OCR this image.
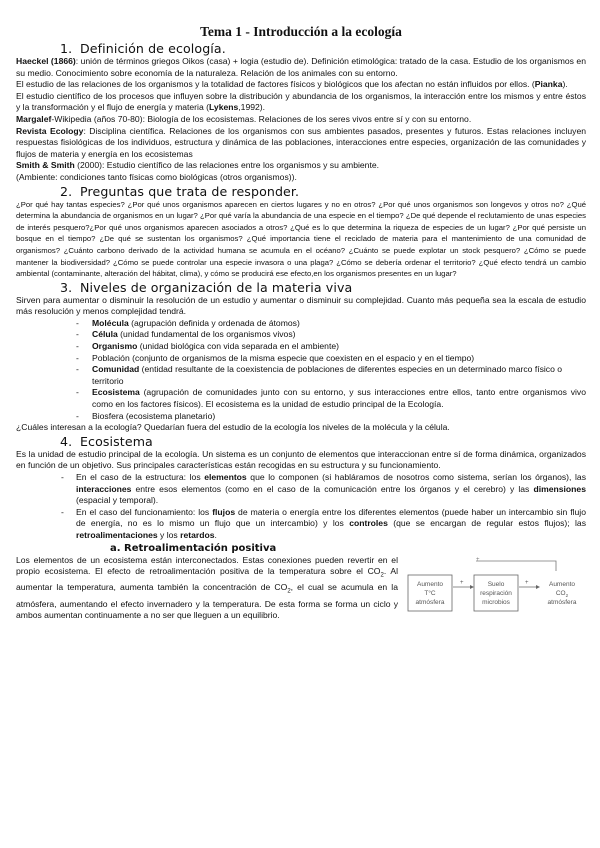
Tema 1 - Introducción a la ecología
1. Definición de ecología.

Haeckel (1866): unión de términos griegos Oikos (casa) + logia (estudio de). Definición etimológica: tratado de la casa. Estudio de los organismos en su medio. Conocimiento sobre economía de la naturaleza. Relación de los animales con su entorno.

El estudio de las relaciones de los organismos y la totalidad de factores físicos y biológicos que los afectan no están influidos por ellos. (Pianka).

El estudio científico de los procesos que influyen sobre la distribución y abundancia de los organismos, la interacción entre los mismos y entre éstos y la transformación y el flujo de energía y materia (Lykens,1992).

Margalef-Wikipedia (años 70-80): Biología de los ecosistemas. Relaciones de los seres vivos entre sí y con su entorno.

Revista Ecology: Disciplina científica. Relaciones de los organismos con sus ambientes pasados, presentes y futuros. Estas relaciones incluyen respuestas fisiológicas de los individuos, estructura y dinámica de las poblaciones, interacciones entre especies, organización de las comunidades y flujos de materia y energía en los ecosistemas

Smith & Smith (2000): Estudio científico de las relaciones entre los organismos y su ambiente.

(Ambiente: condiciones tanto físicas como biológicas (otros organismos)).

2. Preguntas que trata de responder.

¿Por qué hay tantas especies? ¿Por qué unos organismos aparecen en ciertos lugares y no en otros? ¿Por qué unos organismos son longevos y otros no? ¿Qué determina la abundancia de organismos en un lugar? ¿Por qué varía la abundancia de una especie en el tiempo? ¿De qué depende el reclutamiento de unas especies de interés pesquero?¿Por qué unos organismos aparecen asociados a otros? ¿Qué es lo que determina la riqueza de especies de un lugar? ¿Por qué persiste un bosque en el tiempo? ¿De qué se sustentan los organismos? ¿Qué importancia tiene el reciclado de materia para el mantenimiento de una comunidad de organismos? ¿Cuánto carbono derivado de la actividad humana se acumula en el océano? ¿Cuánto se puede explotar un stock pesquero? ¿Cómo se puede mantener la biodiversidad? ¿Cómo se puede controlar una especie invasora o una plaga? ¿Cómo se debería ordenar el territorio? ¿Qué efecto tendrá un cambio ambiental (contaminante, alteración del hábitat, clima), y cómo se producirá ese efecto,en los organismos presentes en un lugar?

3. Niveles de organización de la materia viva

Sirven para aumentar o disminuir la resolución de un estudio y aumentar o disminuir su complejidad. Cuanto más pequeña sea la escala de estudio más resolución y menos complejidad tendrá.

- Molécula (agrupación definida y ordenada de átomos)
- Célula (unidad fundamental de los organismos vivos)
- Organismo (unidad biológica con vida separada en el ambiente)
- Población (conjunto de organismos de la misma especie que coexisten en el espacio y en el tiempo)
- Comunidad (entidad resultante de la coexistencia de poblaciones de diferentes especies en un determinado marco físico o territorio
- Ecosistema (agrupación de comunidades junto con su entorno, y sus interacciones entre ellos, tanto entre organismos vivo como en los factores físicos). El ecosistema es la unidad de estudio principal de la Ecología.
- Biosfera (ecosistema planetario)

¿Cuáles interesan a la ecología? Quedarían fuera del estudio de la ecología los niveles de la molécula y la célula.

4. Ecosistema

Es la unidad de estudio principal de la ecología. Un sistema es un conjunto de elementos que interaccionan entre sí de forma dinámica, organizados en función de un objetivo. Sus principales características están recogidas en su estructura y su funcionamiento.

- En el caso de la estructura: los elementos que lo componen (si habláramos de nosotros como sistema, serían los órganos), las interacciones entre esos elementos (como en el caso de la comunicación entre los órganos y el cerebro) y las dimensiones (espacial y temporal).
- En el caso del funcionamiento: los flujos de materia o energía entre los diferentes elementos (puede haber un intercambio sin flujo de energía, no es lo mismo un flujo que un intercambio) y los controles (que se encargan de regular estos flujos); las retroalimentaciones y los retardos.
a. Retroalimentación positiva

Los elementos de un ecosistema están interconectados. Estas conexiones pueden revertir en el propio ecosistema. El efecto de retroalimentación positiva de la temperatura sobre el $CO_2$. Al aumentar la temperatura, aumenta también la concentración de $CO_2$, el cual se acumula en la atmósfera, aumentando el efecto invernadero y la temperatura. De esta forma se forma un ciclo y ambos aumentan continuamente a no ser que lleguen a un equilibrio.

+
Aumento
T°C
atmósfera
+	Suelo
respiración
microbios
+	Aumento
$CO_2$
atmósfera
